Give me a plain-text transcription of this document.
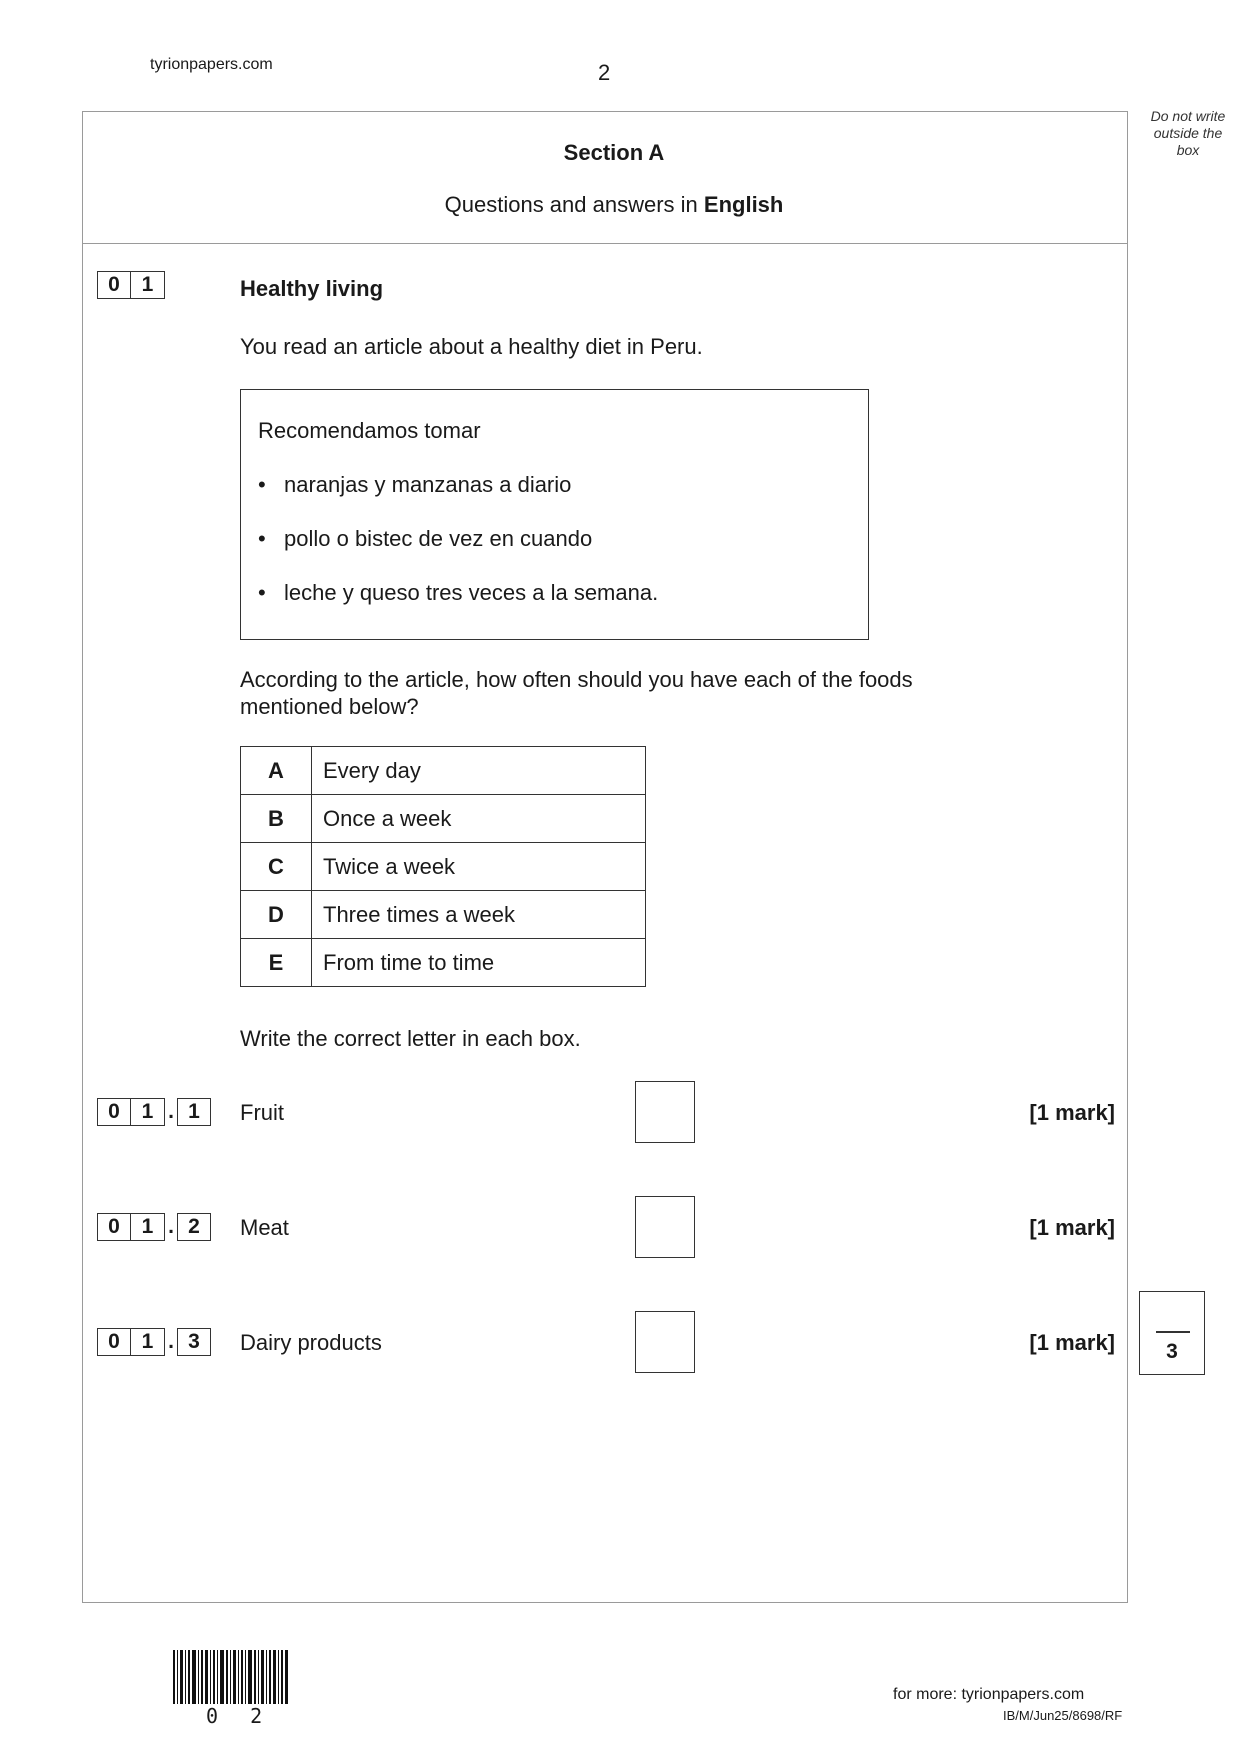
tyrionpapers.com	2
Do not write
outside the
box
Section A
Questions and answers in English
0	1	Healthy living
You read an article about a healthy diet in Peru.
Recomendamos tomar
• naranjas y manzanas a diario
• pollo o bistec de vez en cuando
• leche y queso tres veces a la semana.
According to the article, how often should you have each of the foods
mentioned below?
A	Every day
B	Once a week
C	Twice a week
D	Three times a week
E	From time to time
Write the correct letter in each box.
0	1 . 1	Fruit	[1 mark]
0	1 . 2	Meat	[1 mark]
0	1 . 3	Dairy products	[1 mark]	3
0 2
for more: tyrionpapers.com
IB/M/Jun25/8698/RF
